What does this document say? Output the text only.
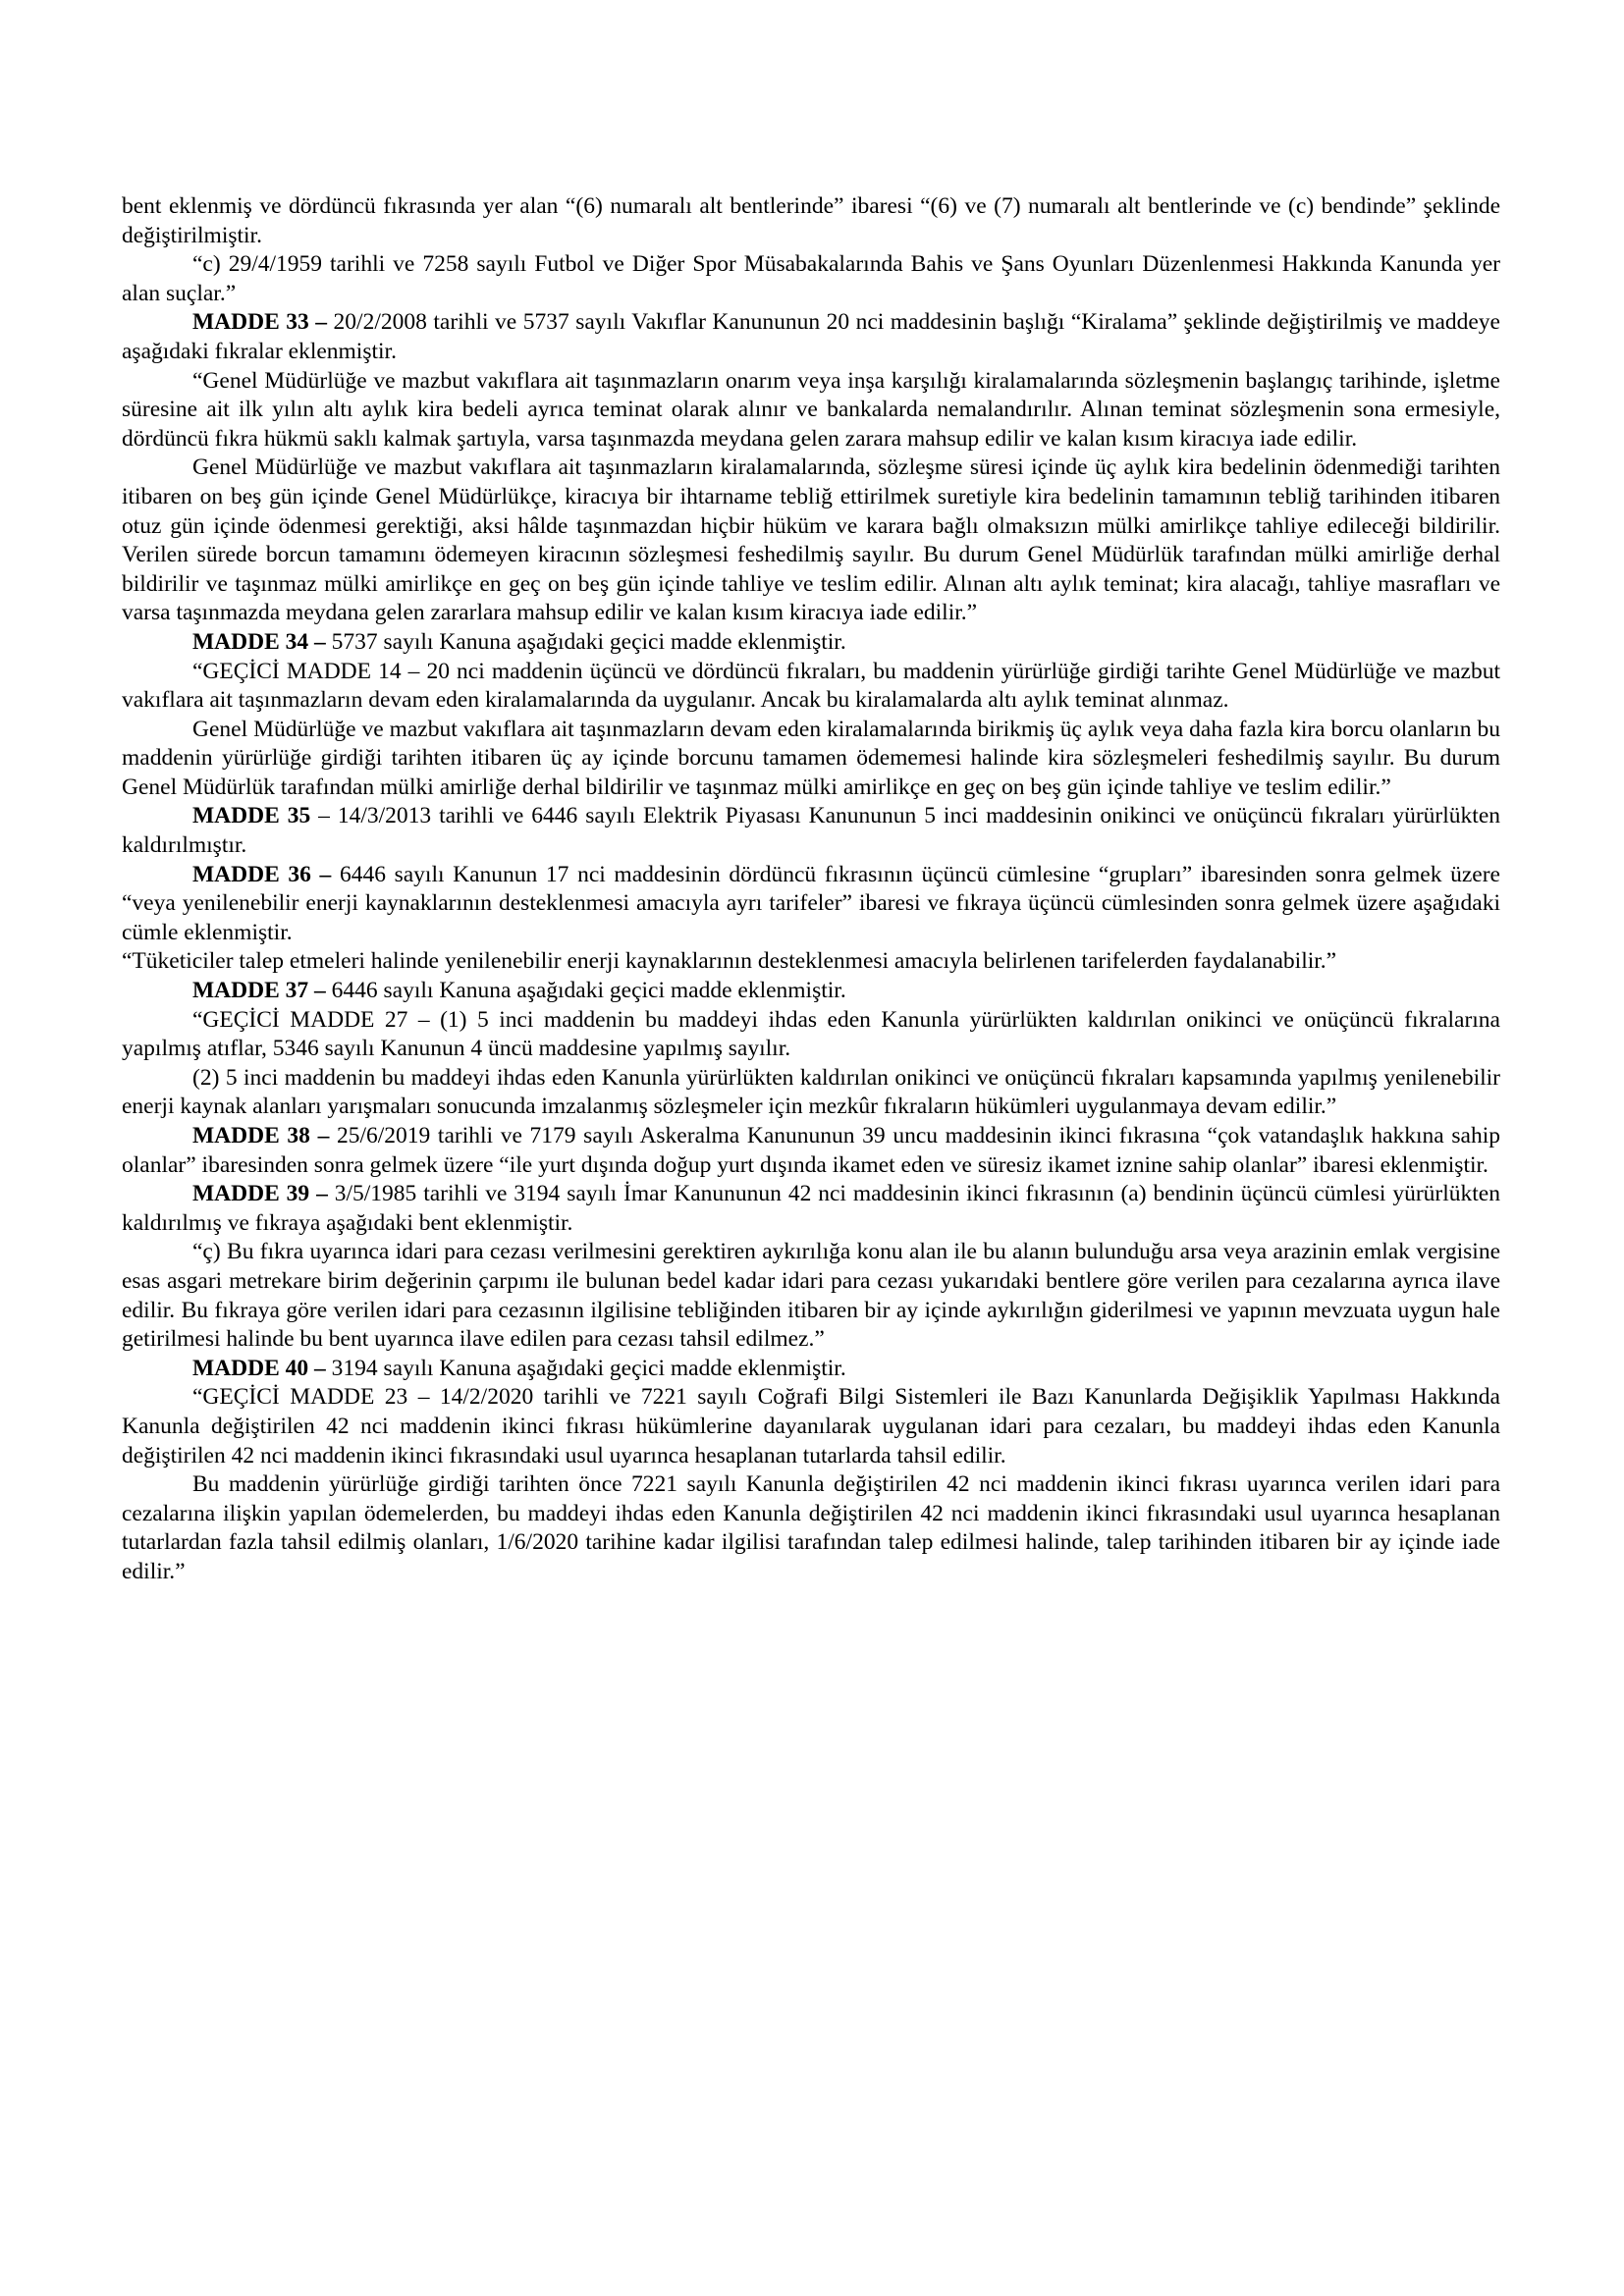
bent eklenmiş ve dördüncü fıkrasında yer alan “(6) numaralı alt bentlerinde” ibaresi “(6) ve (7) numaralı alt bentlerinde ve (c) bendinde” şeklinde değiştirilmiştir.

“c) 29/4/1959 tarihli ve 7258 sayılı Futbol ve Diğer Spor Müsabakalarında Bahis ve Şans Oyunları Düzenlenmesi Hakkında Kanunda yer alan suçlar.”

MADDE 33 – 20/2/2008 tarihli ve 5737 sayılı Vakıflar Kanununun 20 nci maddesinin başlığı “Kiralama” şeklinde değiştirilmiş ve maddeye aşağıdaki fıkralar eklenmiştir.

“Genel Müdürlüğe ve mazbut vakıflara ait taşınmazların onarım veya inşa karşılığı kiralamalarında sözleşmenin başlangıç tarihinde, işletme süresine ait ilk yılın altı aylık kira bedeli ayrıca teminat olarak alınır ve bankalarda nemalandırılır. Alınan teminat sözleşmenin sona ermesiyle, dördüncü fıkra hükmü saklı kalmak şartıyla, varsa taşınmazda meydana gelen zarara mahsup edilir ve kalan kısım kiracıya iade edilir.

Genel Müdürlüğe ve mazbut vakıflara ait taşınmazların kiralamalarında, sözleşme süresi içinde üç aylık kira bedelinin ödenmediği tarihten itibaren on beş gün içinde Genel Müdürlükçe, kiracıya bir ihtarname tebliğ ettirilmek suretiyle kira bedelinin tamamının tebliğ tarihinden itibaren otuz gün içinde ödenmesi gerektiği, aksi hâlde taşınmazdan hiçbir hüküm ve karara bağlı olmaksızın mülki amirlikçe tahliye edileceği bildirilir. Verilen sürede borcun tamamını ödemeyen kiracının sözleşmesi feshedilmiş sayılır. Bu durum Genel Müdürlük tarafından mülki amirliğe derhal bildirilir ve taşınmaz mülki amirlikçe en geç on beş gün içinde tahliye ve teslim edilir. Alınan altı aylık teminat; kira alacağı, tahliye masrafları ve varsa taşınmazda meydana gelen zararlara mahsup edilir ve kalan kısım kiracıya iade edilir.”

MADDE 34 – 5737 sayılı Kanuna aşağıdaki geçici madde eklenmiştir.

“GEÇİCİ MADDE 14 – 20 nci maddenin üçüncü ve dördüncü fıkraları, bu maddenin yürürlüğe girdiği tarihte Genel Müdürlüğe ve mazbut vakıflara ait taşınmazların devam eden kiralamalarında da uygulanır. Ancak bu kiralamalarda altı aylık teminat alınmaz.

Genel Müdürlüğe ve mazbut vakıflara ait taşınmazların devam eden kiralamalarında birikmiş üç aylık veya daha fazla kira borcu olanların bu maddenin yürürlüğe girdiği tarihten itibaren üç ay içinde borcunu tamamen ödememesi halinde kira sözleşmeleri feshedilmiş sayılır. Bu durum Genel Müdürlük tarafından mülki amirliğe derhal bildirilir ve taşınmaz mülki amirlikçe en geç on beş gün içinde tahliye ve teslim edilir.”

MADDE 35 – 14/3/2013 tarihli ve 6446 sayılı Elektrik Piyasası Kanununun 5 inci maddesinin onikinci ve onüçüncü fıkraları yürürlükten kaldırılmıştır.

MADDE 36 – 6446 sayılı Kanunun 17 nci maddesinin dördüncü fıkrasının üçüncü cümlesine “grupları” ibaresinden sonra gelmek üzere “veya yenilenebilir enerji kaynaklarının desteklenmesi amacıyla ayrı tarifeler” ibaresi ve fıkraya üçüncü cümlesinden sonra gelmek üzere aşağıdaki cümle eklenmiştir.

“Tüketiciler talep etmeleri halinde yenilenebilir enerji kaynaklarının desteklenmesi amacıyla belirlenen tarifelerden faydalanabilir.”

MADDE 37 – 6446 sayılı Kanuna aşağıdaki geçici madde eklenmiştir.

“GEÇİCİ MADDE 27 – (1) 5 inci maddenin bu maddeyi ihdas eden Kanunla yürürlükten kaldırılan onikinci ve onüçüncü fıkralarına yapılmış atıflar, 5346 sayılı Kanunun 4 üncü maddesine yapılmış sayılır.

(2) 5 inci maddenin bu maddeyi ihdas eden Kanunla yürürlükten kaldırılan onikinci ve onüçüncü fıkraları kapsamında yapılmış yenilenebilir enerji kaynak alanları yarışmaları sonucunda imzalanmış sözleşmeler için mezkûr fıkraların hükümleri uygulanmaya devam edilir.”

MADDE 38 – 25/6/2019 tarihli ve 7179 sayılı Askeralma Kanununun 39 uncu maddesinin ikinci fıkrasına “çok vatandaşlık hakkına sahip olanlar” ibaresinden sonra gelmek üzere “ile yurt dışında doğup yurt dışında ikamet eden ve süresiz ikamet iznine sahip olanlar” ibaresi eklenmiştir.

MADDE 39 – 3/5/1985 tarihli ve 3194 sayılı İmar Kanununun 42 nci maddesinin ikinci fıkrasının (a) bendinin üçüncü cümlesi yürürlükten kaldırılmış ve fıkraya aşağıdaki bent eklenmiştir.

“ç) Bu fıkra uyarınca idari para cezası verilmesini gerektiren aykırılığa konu alan ile bu alanın bulunduğu arsa veya arazinin emlak vergisine esas asgari metrekare birim değerinin çarpımı ile bulunan bedel kadar idari para cezası yukarıdaki bentlere göre verilen para cezalarına ayrıca ilave edilir. Bu fıkraya göre verilen idari para cezasının ilgilisine tebliğinden itibaren bir ay içinde aykırılığın giderilmesi ve yapının mevzuata uygun hale getirilmesi halinde bu bent uyarınca ilave edilen para cezası tahsil edilmez.”

MADDE 40 – 3194 sayılı Kanuna aşağıdaki geçici madde eklenmiştir.

“GEÇİCİ MADDE 23 – 14/2/2020 tarihli ve 7221 sayılı Coğrafi Bilgi Sistemleri ile Bazı Kanunlarda Değişiklik Yapılması Hakkında Kanunla değiştirilen 42 nci maddenin ikinci fıkrası hükümlerine dayanılarak uygulanan idari para cezaları, bu maddeyi ihdas eden Kanunla değiştirilen 42 nci maddenin ikinci fıkrasındaki usul uyarınca hesaplanan tutarlarda tahsil edilir.

Bu maddenin yürürlüğe girdiği tarihten önce 7221 sayılı Kanunla değiştirilen 42 nci maddenin ikinci fıkrası uyarınca verilen idari para cezalarına ilişkin yapılan ödemelerden, bu maddeyi ihdas eden Kanunla değiştirilen 42 nci maddenin ikinci fıkrasındaki usul uyarınca hesaplanan tutarlardan fazla tahsil edilmiş olanları, 1/6/2020 tarihine kadar ilgilisi tarafından talep edilmesi halinde, talep tarihinden itibaren bir ay içinde iade edilir.”
